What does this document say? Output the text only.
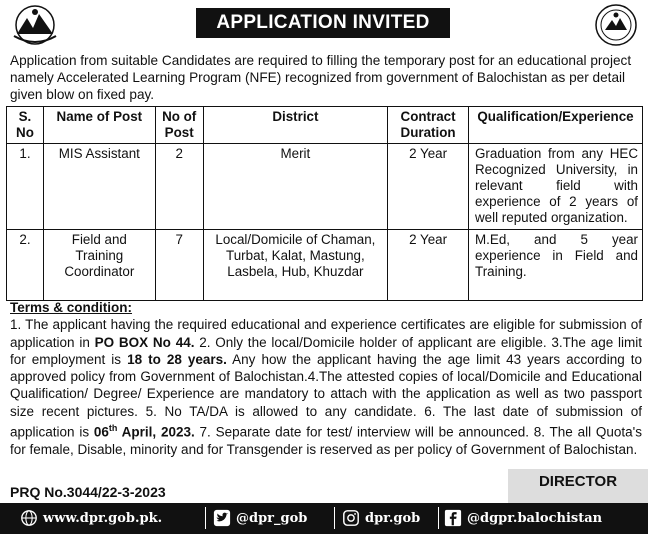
APPLICATION INVITED
Application from suitable Candidates are required to filling the temporary post for an educational project namely Accelerated Learning Program (NFE) recognized from government of Balochistan as per detail given blow on fixed pay.
S. No	Name of Post	No of Post	District	Contract Duration	Qualification/Experience
1.	MIS Assistant	2	Merit	2 Year	Graduation from any HEC Recognized University, in relevant field with experience of 2 years of well reputed organization.
2.	Field and Training Coordinator	7	Local/Domicile of Chaman, Turbat, Kalat, Mastung, Lasbela, Hub, Khuzdar	2 Year	M.Ed, and 5 year experience in Field and Training.
Terms & condition:
1. The applicant having the required educational and experience certificates are eligible for submission of application in PO BOX No 44. 2. Only the local/Domicile holder of applicant are eligible. 3.The age limit for employment is 18 to 28 years. Any how the applicant having the age limit 43 years according to approved policy from Government of Balochistan.4.The attested copies of local/Domicile and Educational Qualification/ Degree/ Experience are mandatory to attach with the application as well as two passport size recent pictures. 5. No TA/DA is allowed to any candidate. 6. The last date of submission of application is 06th April, 2023. 7. Separate date for test/ interview will be announced. 8. The all Quota's for female, Disable, minority and for Transgender is reserved as per policy of Government of Balochistan.
PRQ No.3044/22-3-2023
DIRECTOR
www.dpr.gob.pk.	@dpr_gob	dpr.gob	@dgpr.balochistan
